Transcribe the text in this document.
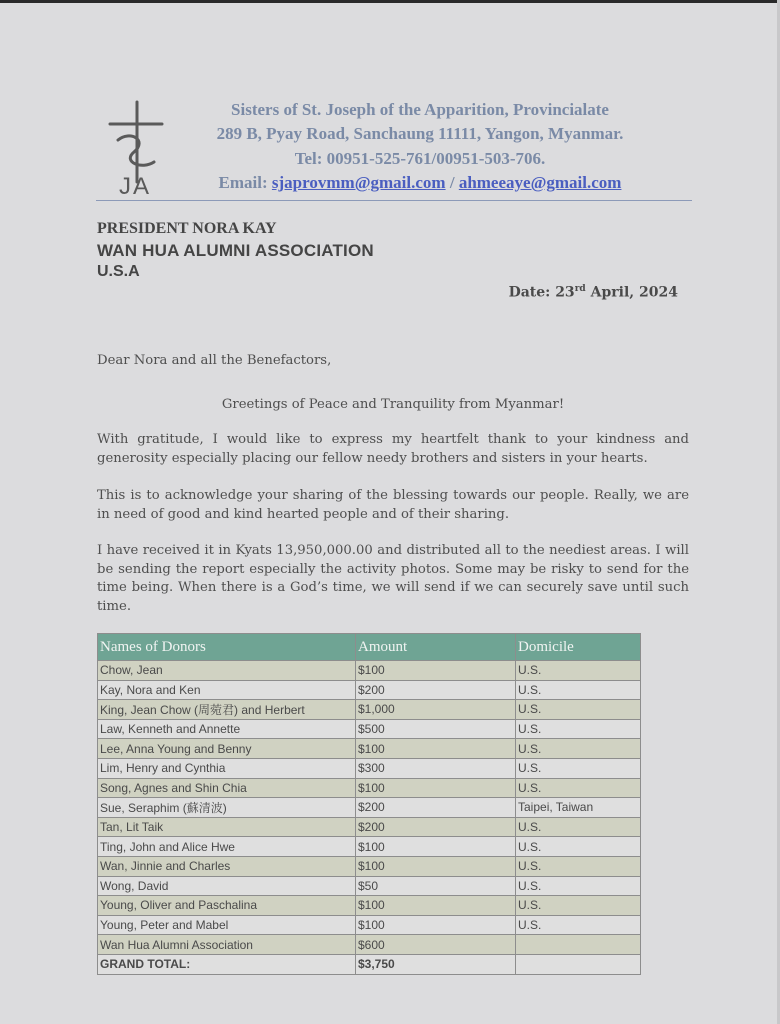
JA
Sisters of St. Joseph of the Apparition, Provincialate
289 B, Pyay Road, Sanchaung 11111, Yangon, Myanmar.
Tel: 00951-525-761/00951-503-706.
Email: sjaprovmm@gmail.com / ahmeeaye@gmail.com
PRESIDENT NORA KAY
WAN HUA ALUMNI ASSOCIATION
U.S.A
Date: 23rd April, 2024
Dear Nora and all the Benefactors,
Greetings of Peace and Tranquility from Myanmar!
With gratitude, I would like to express my heartfelt thank to your kindness and generosity especially placing our fellow needy brothers and sisters in your hearts.
This is to acknowledge your sharing of the blessing towards our people. Really, we are in need of good and kind hearted people and of their sharing.
I have received it in Kyats 13,950,000.00 and distributed all to the neediest areas. I will be sending the report especially the activity photos. Some may be risky to send for the time being. When there is a God’s time, we will send if we can securely save until such time.
Names of Donors	Amount	Domicile
Chow, Jean	$100	U.S.
Kay, Nora and Ken	$200	U.S.
King, Jean Chow (周菀君) and Herbert	$1,000	U.S.
Law, Kenneth and Annette	$500	U.S.
Lee, Anna Young and Benny	$100	U.S.
Lim, Henry and Cynthia	$300	U.S.
Song, Agnes and Shin Chia	$100	U.S.
Sue, Seraphim (蘇清波)	$200	Taipei, Taiwan
Tan, Lit Taik	$200	U.S.
Ting, John and Alice Hwe	$100	U.S.
Wan, Jinnie and Charles	$100	U.S.
Wong, David	$50	U.S.
Young, Oliver and Paschalina	$100	U.S.
Young, Peter and Mabel	$100	U.S.
Wan Hua Alumni Association	$600	
GRAND TOTAL:	$3,750	
